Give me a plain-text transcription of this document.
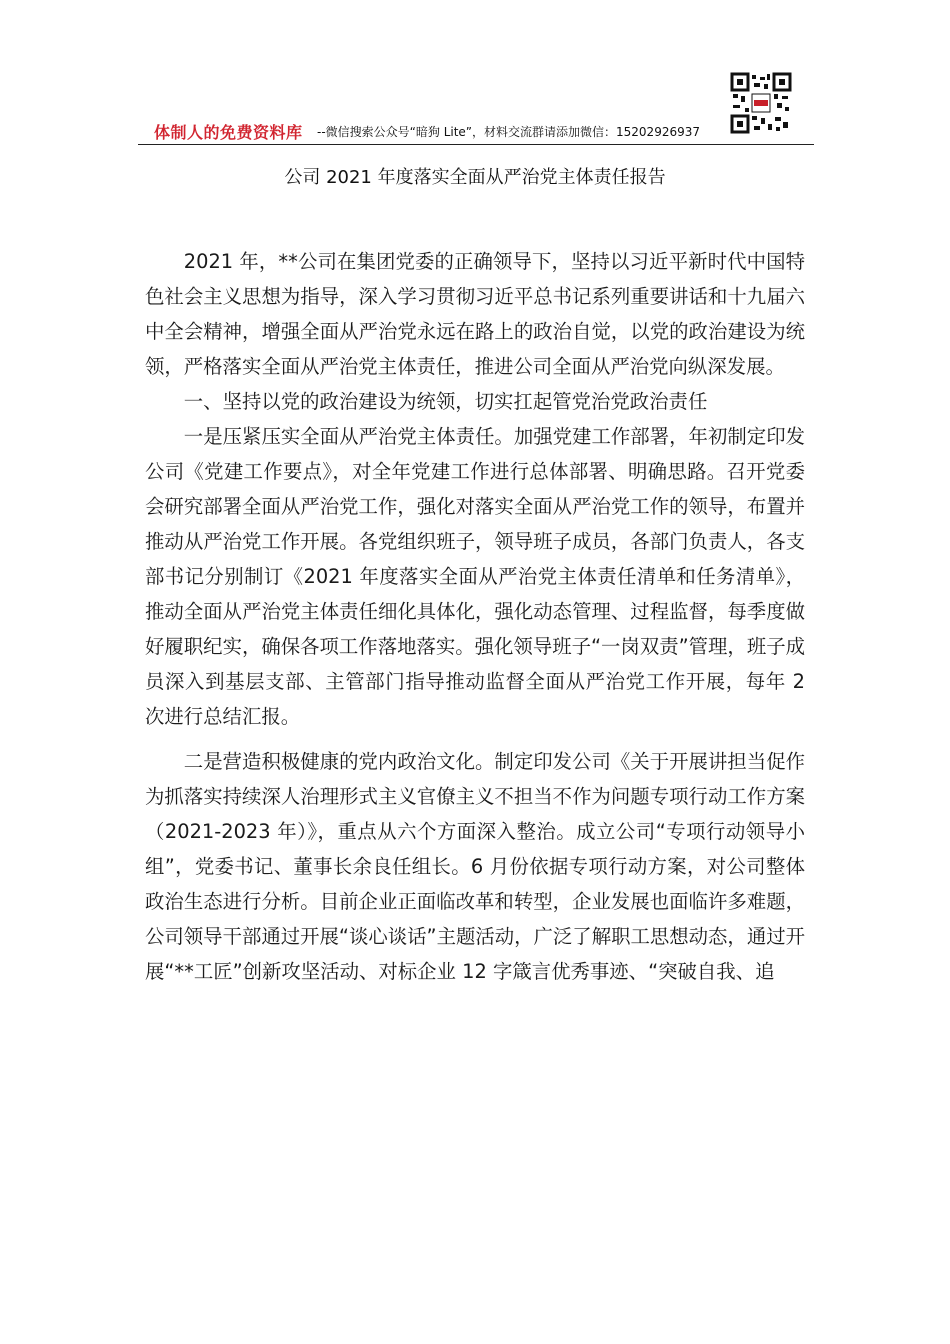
体制人的免费资料库 --微信搜索公众号“暗狗 Lite”，材料交流群请添加微信：15202926937
公司 2021 年度落实全面从严治党主体责任报告

2021 年，**公司在集团党委的正确领导下，坚持以习近平新时代中国特色社会主义思想为指导，深入学习贯彻习近平总书记系列重要讲话和十九届六中全会精神，增强全面从严治党永远在路上的政治自觉，以党的政治建设为统领，严格落实全面从严治党主体责任，推进公司全面从严治党向纵深发展。

一、坚持以党的政治建设为统领，切实扛起管党治党政治责任

一是压紧压实全面从严治党主体责任。加强党建工作部署，年初制定印发公司《党建工作要点》，对全年党建工作进行总体部署、明确思路。召开党委会研究部署全面从严治党工作，强化对落实全面从严治党工作的领导，布置并推动从严治党工作开展。各党组织班子，领导班子成员，各部门负责人，各支部书记分别制订《2021 年度落实全面从严治党主体责任清单和任务清单》，推动全面从严治党主体责任细化具体化，强化动态管理、过程监督，每季度做好履职纪实，确保各项工作落地落实。强化领导班子“一岗双责”管理，班子成员深入到基层支部、主管部门指导推动监督全面从严治党工作开展，每年 2 次进行总结汇报。

二是营造积极健康的党内政治文化。制定印发公司《关于开展讲担当促作为抓落实持续深人治理形式主义官僚主义不担当不作为问题专项行动工作方案（2021-2023 年）》，重点从六个方面深入整治。成立公司“专项行动领导小组”，党委书记、董事长余良任组长。6 月份依据专项行动方案，对公司整体政治生态进行分析。目前企业正面临改革和转型，企业发展也面临许多难题，公司领导干部通过开展“谈心谈话”主题活动，广泛了解职工思想动态，通过开展“**工匠”创新攻坚活动、对标企业 12 字箴言优秀事迹、“突破自我、追
